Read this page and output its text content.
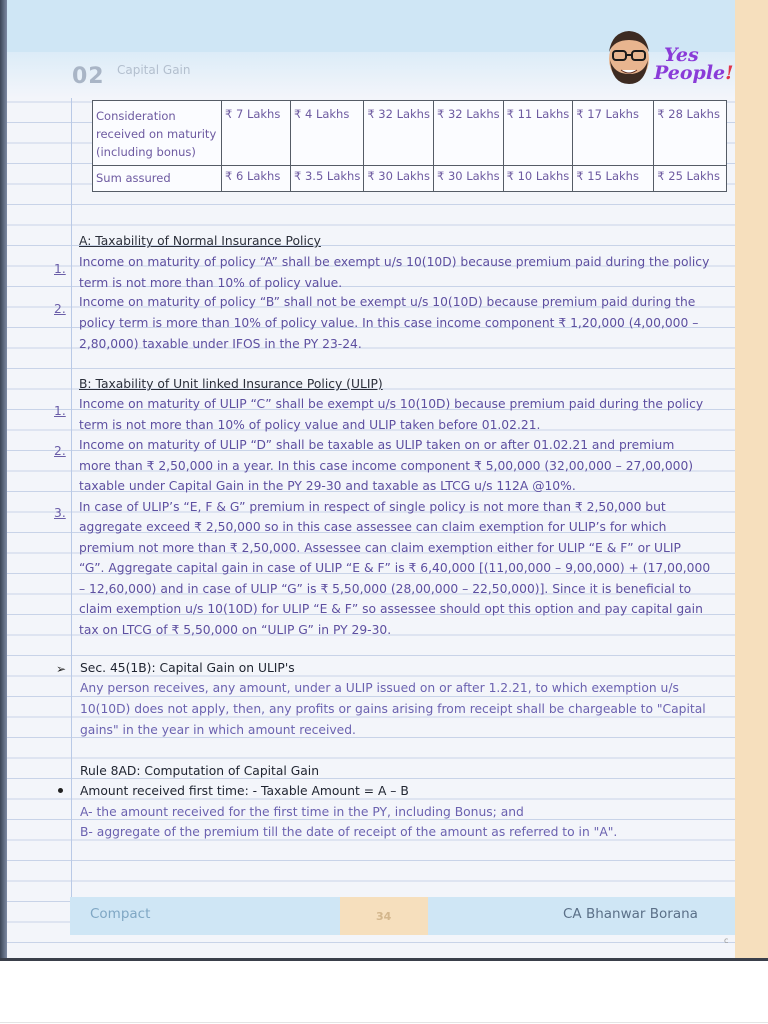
02 Capital Gain
Yes
People!
Consideration received on maturity (including bonus)	₹ 7 Lakhs	₹ 4 Lakhs	₹ 32 Lakhs	₹ 32 Lakhs	₹ 11 Lakhs	₹ 17 Lakhs	₹ 28 Lakhs
Sum assured	₹ 6 Lakhs	₹ 3.5 Lakhs	₹ 30 Lakhs	₹ 30 Lakhs	₹ 10 Lakhs	₹ 15 Lakhs	₹ 25 Lakhs
A: Taxability of Normal Insurance Policy
1. Income on maturity of policy “A” shall be exempt u/s 10(10D) because premium paid during the policy
term is not more than 10% of policy value.
2. Income on maturity of policy “B” shall not be exempt u/s 10(10D) because premium paid during the
policy term is more than 10% of policy value. In this case income component ₹ 1,20,000 (4,00,000 –
2,80,000) taxable under IFOS in the PY 23-24.
B: Taxability of Unit linked Insurance Policy (ULIP)
1. Income on maturity of ULIP “C” shall be exempt u/s 10(10D) because premium paid during the policy
term is not more than 10% of policy value and ULIP taken before 01.02.21.
2. Income on maturity of ULIP “D” shall be taxable as ULIP taken on or after 01.02.21 and premium
more than ₹ 2,50,000 in a year. In this case income component ₹ 5,00,000 (32,00,000 – 27,00,000)
taxable under Capital Gain in the PY 29-30 and taxable as LTCG u/s 112A @10%.
3. In case of ULIP’s “E, F & G” premium in respect of single policy is not more than ₹ 2,50,000 but
aggregate exceed ₹ 2,50,000 so in this case assessee can claim exemption for ULIP’s for which
premium not more than ₹ 2,50,000. Assessee can claim exemption either for ULIP “E & F” or ULIP
“G”. Aggregate capital gain in case of ULIP “E & F” is ₹ 6,40,000 [(11,00,000 – 9,00,000) + (17,00,000
– 12,60,000) and in case of ULIP “G” is ₹ 5,50,000 (28,00,000 – 22,50,000)]. Since it is beneficial to
claim exemption u/s 10(10D) for ULIP “E & F” so assessee should opt this option and pay capital gain
tax on LTCG of ₹ 5,50,000 on “ULIP G” in PY 29-30.
➢ Sec. 45(1B): Capital Gain on ULIP's
Any person receives, any amount, under a ULIP issued on or after 1.2.21, to which exemption u/s
10(10D) does not apply, then, any profits or gains arising from receipt shall be chargeable to "Capital
gains" in the year in which amount received.
Rule 8AD: Computation of Capital Gain
Amount received first time: - Taxable Amount = A – B
A- the amount received for the first time in the PY, including Bonus; and
B- aggregate of the premium till the date of receipt of the amount as referred to in "A".
Compact	34	CA Bhanwar Borana
c
